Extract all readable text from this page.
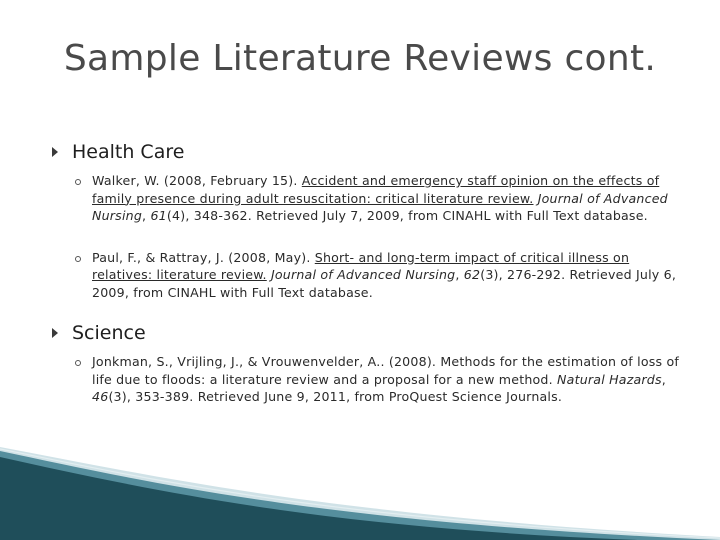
Sample Literature Reviews cont.
Health Care
Walker, W. (2008, February 15). Accident and emergency staff opinion on the effects of family presence during adult resuscitation: critical literature review. Journal of Advanced Nursing, 61(4), 348-362. Retrieved July 7, 2009, from CINAHL with Full Text database.
Paul, F., & Rattray, J. (2008, May). Short- and long-term impact of critical illness on relatives: literature review. Journal of Advanced Nursing, 62(3), 276-292. Retrieved July 6, 2009, from CINAHL with Full Text database.
Science
Jonkman, S., Vrijling, J., & Vrouwenvelder, A.. (2008). Methods for the estimation of loss of life due to floods: a literature review and a proposal for a new method. Natural Hazards, 46(3), 353-389. Retrieved June 9, 2011, from ProQuest Science Journals.
